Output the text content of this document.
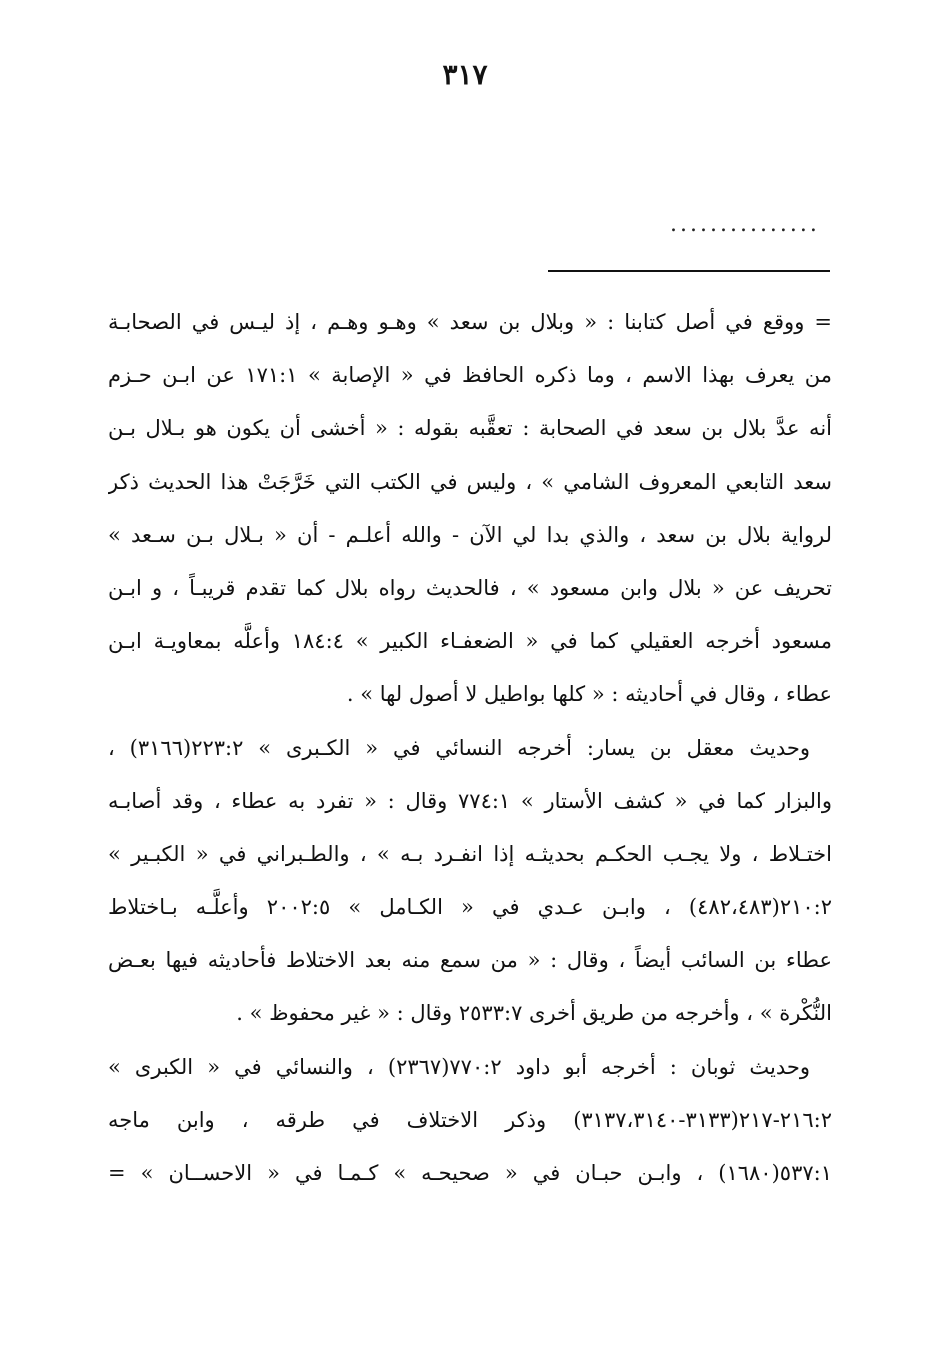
٣١٧
...............
= ووقع في أصل كتابنا : « وبلال بن سعد » وهـو وهـم ، إذ ليـس في الصحابـة
من يعرف بهذا الاسم ، وما ذكره الحافظ في « الإصابة » ١٧١:١ عن ابـن حـزم
أنه عدَّ بلال بن سعد في الصحابة : تعقَّبه بقوله : « أخشى أن يكون هو بـلال بـن
سعد التابعي المعروف الشامي » ، وليس في الكتب التي خَرَّجَتْ هذا الحديث ذكر
لرواية بلال بن سعد ، والذي بدا لي الآن - والله أعلـم - أن « بـلال بـن سـعد »
تحريف عن « بلال وابن مسعود » ، فالحديث رواه بلال كما تقدم قريبـاً ، و ابـن
مسعود أخرجه العقيلي كما في « الضعفـاء الكبير » ١٨٤:٤ وأعلَّه بمعاويـة ابـن
عطاء ، وقال في أحاديثه : « كلها بواطيل لا أصول لها » .
وحديث معقل بن يسار: أخرجه النسائي في « الكـبرى » ٢٢٣:٢(٣١٦٦) ،
والبزار كما في « كشف الأستار » ٧٧٤:١ وقال : « تفرد به عطاء ، وقد أصابـه
اختـلاط ، ولا يجـب الحكـم بحديثـه إذا انفـرد بـه » ، والطـبراني في « الكبـير »
٢١٠:٢(٤٨٢،٤٨٣) ، وابـن عـدي في « الكـامل » ٢٠٠٢:٥ وأعلَّـه بـاختلاط
عطاء بن السائب أيضاً ، وقال : « من سمع منه بعد الاختلاط فأحاديثه فيها بعـض
النُّكْرة » ، وأخرجه من طريق أخرى ٢٥٣٣:٧ وقال : « غير محفوظ » .
وحديث ثوبان : أخرجه أبو داود ٧٧٠:٢(٢٣٦٧) ، والنسائي في « الكبرى »
٢١٦:٢-٢١٧(٣١٣٣-٣١٣٧،٣١٤٠) وذكر الاختلاف في طرقه ، وابن ماجه
٥٣٧:١(١٦٨٠) ، وابـن حبـان في « صحيحـه » كـمـا في « الاحســان » =
